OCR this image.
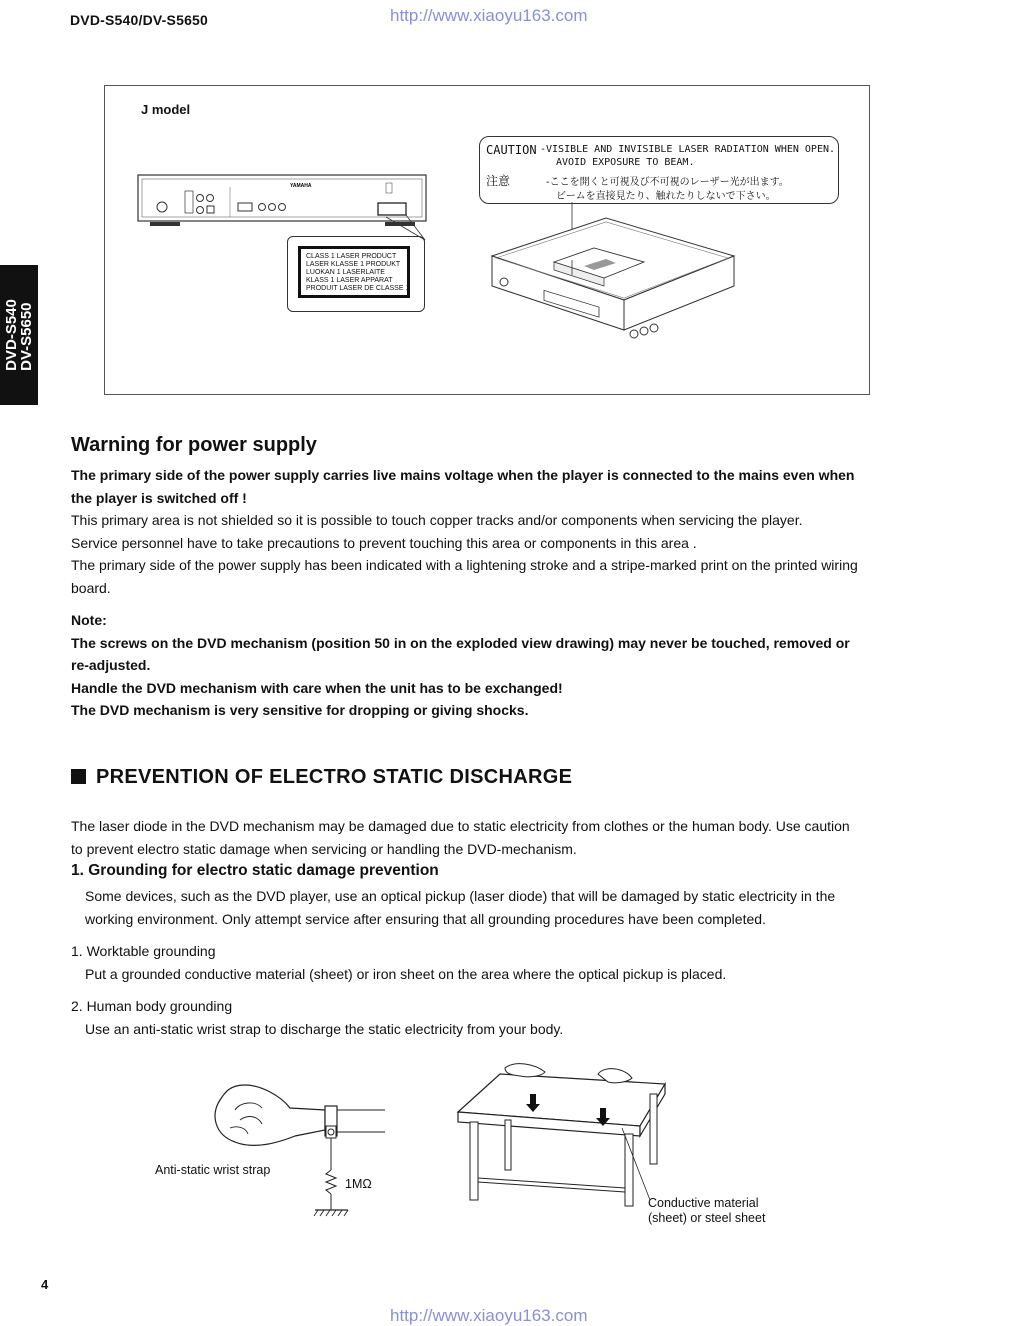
DVD-S540/DV-S5650	http://www.xiaoyu163.com
DVD-S540
DV-S5650
J model
YAMAHA
CLASS 1 LASER PRODUCT
LASER KLASSE 1 PRODUKT
LUOKAN 1 LASERLAITE
KLASS 1 LASER APPARAT
PRODUIT LASER DE CLASSE 1
CAUTION -VISIBLE AND INVISIBLE LASER RADIATION WHEN OPEN.
AVOID EXPOSURE TO BEAM.
注意	-ここを開くと可視及び不可視のレーザー光が出ます。
ビームを直接見たり、触れたりしないで下さい。
Warning for power supply
The primary side of the power supply carries live mains voltage when the player is connected to the mains even when
the player is switched off !
This primary area is not shielded so it is possible to touch copper tracks and/or components when servicing the player.
Service personnel have to take precautions to prevent touching this area or components in this area .
The primary side of the power supply has been indicated with a lightening stroke and a stripe-marked print on the printed wiring
board.
Note:
The screws on the DVD mechanism (position 50 in on the exploded view drawing) may never be touched, removed or
re-adjusted.
Handle the DVD mechanism with care when the unit has to be exchanged!
The DVD mechanism is very sensitive for dropping or giving shocks.
PREVENTION OF ELECTRO STATIC DISCHARGE
The laser diode in the DVD mechanism may be damaged due to static electricity from clothes or the human body. Use caution
to prevent electro static damage when servicing or handling the DVD-mechanism.
1. Grounding for electro static damage prevention
Some devices, such as the DVD player, use an optical pickup (laser diode) that will be damaged by static electricity in the
working environment. Only attempt service after ensuring that all grounding procedures have been completed.
1. Worktable grounding
Put a grounded conductive material (sheet) or iron sheet on the area where the optical pickup is placed.
2. Human body grounding
Use an anti-static wrist strap to discharge the static electricity from your body.
Anti-static wrist strap
1MΩ
Conductive material
(sheet) or steel sheet
4
http://www.xiaoyu163.com
